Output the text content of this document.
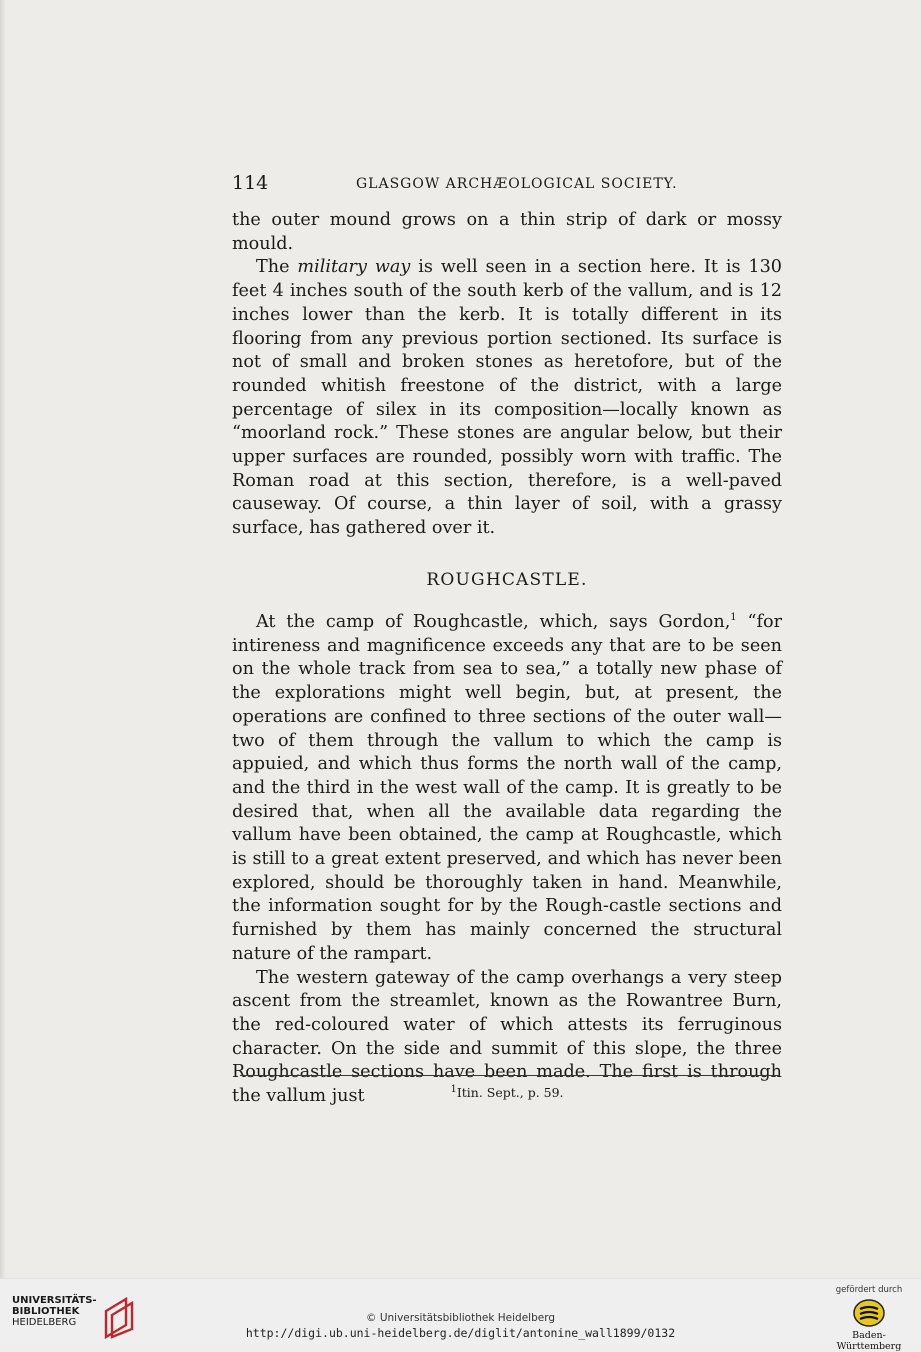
114	GLASGOW ARCHÆOLOGICAL SOCIETY.

the outer mound grows on a thin strip of dark or mossy mould.

The military way is well seen in a section here. It is 130 feet 4 inches south of the south kerb of the vallum, and is 12 inches lower than the kerb. It is totally different in its flooring from any previous portion sectioned. Its surface is not of small and broken stones as heretofore, but of the rounded whitish freestone of the district, with a large percentage of silex in its composition—locally known as “moorland rock.” These stones are angular below, but their upper surfaces are rounded, possibly worn with traffic. The Roman road at this section, therefore, is a well-paved causeway. Of course, a thin layer of soil, with a grassy surface, has gathered over it.

ROUGHCASTLE.

At the camp of Roughcastle, which, says Gordon,$^1$ “for intireness and magnificence exceeds any that are to be seen on the whole track from sea to sea,” a totally new phase of the explorations might well begin, but, at present, the operations are confined to three sections of the outer wall—two of them through the vallum to which the camp is appuied, and which thus forms the north wall of the camp, and the third in the west wall of the camp. It is greatly to be desired that, when all the available data regarding the vallum have been obtained, the camp at Roughcastle, which is still to a great extent preserved, and which has never been explored, should be thoroughly taken in hand. Meanwhile, the information sought for by the Rough-castle sections and furnished by them has mainly concerned the structural nature of the rampart.

The western gateway of the camp overhangs a very steep ascent from the streamlet, known as the Rowantree Burn, the red-coloured water of which attests its ferruginous character. On the side and summit of this slope, the three Roughcastle sections have been made. The first is through the vallum just	$^1$Itin. Sept., p. 59.
UNIVERSITÄTS-
BIBLIOTHEK
HEIDELBERG	© Universitätsbibliothek Heidelberg
http://digi.ub.uni-heidelberg.de/diglit/antonine_wall1899/0132
gefördert durch
Baden-Württemberg
